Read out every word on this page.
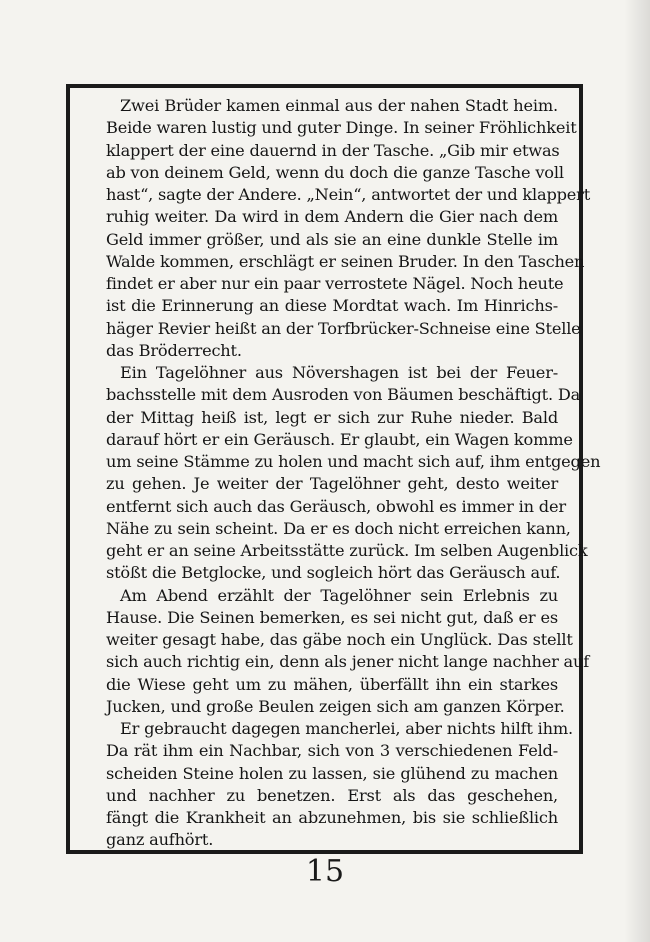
Zwei Brüder kamen einmal aus der nahen Stadt heim.
Beide waren lustig und guter Dinge. In seiner Fröhlichkeit
klappert der eine dauernd in der Tasche. „Gib mir etwas
ab von deinem Geld, wenn du doch die ganze Tasche voll
hast“, sagte der Andere. „Nein“, antwortet der und klappert
ruhig weiter. Da wird in dem Andern die Gier nach dem
Geld immer größer, und als sie an eine dunkle Stelle im
Walde kommen, erschlägt er seinen Bruder. In den Taschen
findet er aber nur ein paar verrostete Nägel. Noch heute
ist die Erinnerung an diese Mordtat wach. Im Hinrichs-
häger Revier heißt an der Torfbrücker-Schneise eine Stelle
das Bröderrecht.
Ein Tagelöhner aus Növershagen ist bei der Feuer-
bachsstelle mit dem Ausroden von Bäumen beschäftigt. Da
der Mittag heiß ist, legt er sich zur Ruhe nieder. Bald
darauf hört er ein Geräusch. Er glaubt, ein Wagen komme
um seine Stämme zu holen und macht sich auf, ihm entgegen
zu gehen. Je weiter der Tagelöhner geht, desto weiter
entfernt sich auch das Geräusch, obwohl es immer in der
Nähe zu sein scheint. Da er es doch nicht erreichen kann,
geht er an seine Arbeitsstätte zurück. Im selben Augenblick
stößt die Betglocke, und sogleich hört das Geräusch auf.
Am Abend erzählt der Tagelöhner sein Erlebnis zu
Hause. Die Seinen bemerken, es sei nicht gut, daß er es
weiter gesagt habe, das gäbe noch ein Unglück. Das stellt
sich auch richtig ein, denn als jener nicht lange nachher auf
die Wiese geht um zu mähen, überfällt ihn ein starkes
Jucken, und große Beulen zeigen sich am ganzen Körper.
Er gebraucht dagegen mancherlei, aber nichts hilft ihm.
Da rät ihm ein Nachbar, sich von 3 verschiedenen Feld-
scheiden Steine holen zu lassen, sie glühend zu machen
und nachher zu benetzen. Erst als das geschehen,
fängt die Krankheit an abzunehmen, bis sie schließlich
ganz aufhört.
15
